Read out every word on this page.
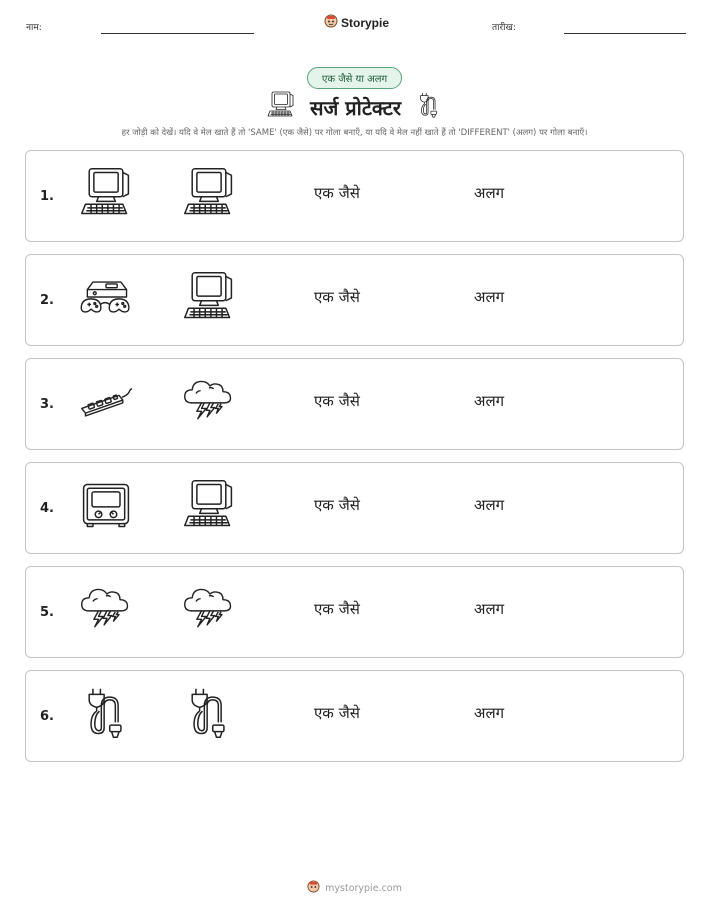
नाम:	Storypie	तारीख:
एक जैसे या अलग
सर्ज प्रोटेक्टर
हर जोड़ी को देखें। यदि वे मेल खाते हैं तो 'SAME' (एक जैसे) पर गोला बनाएँ, या यदि वे मेल नहीं खाते हैं तो 'DIFFERENT' (अलग) पर गोला बनाएँ।
1.	एक जैसे	अलग
2.	एक जैसे	अलग
3.	एक जैसे	अलग
4.	एक जैसे	अलग
5.	एक जैसे	अलग
6.	एक जैसे	अलग
mystorypie.com
